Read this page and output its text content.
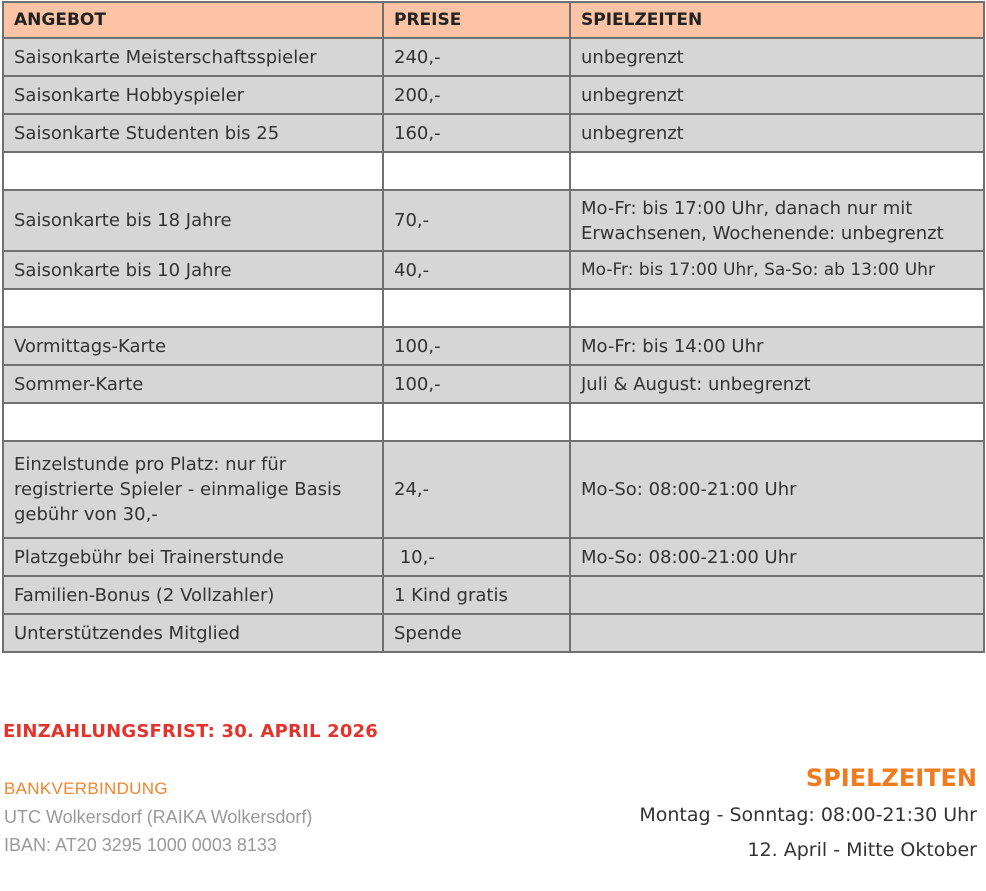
ANGEBOT	PREISE	SPIELZEITEN
Saisonkarte Meisterschaftsspieler	240,-	unbegrenzt
Saisonkarte Hobbyspieler	200,-	unbegrenzt
Saisonkarte Studenten bis 25	160,-	unbegrenzt

Saisonkarte bis 18 Jahre	70,-	Mo-Fr: bis 17:00 Uhr, danach nur mit Erwachsenen, Wochenende: unbegrenzt
Saisonkarte bis 10 Jahre	40,-	Mo-Fr: bis 17:00 Uhr, Sa-So: ab 13:00 Uhr

Vormittags-Karte	100,-	Mo-Fr: bis 14:00 Uhr
Sommer-Karte	100,-	Juli & August: unbegrenzt

Einzelstunde pro Platz: nur für registrierte Spieler - einmalige Basis gebühr von 30,-	24,-	Mo-So: 08:00-21:00 Uhr
Platzgebühr bei Trainerstunde	10,-	Mo-So: 08:00-21:00 Uhr
Familien-Bonus (2 Vollzahler)	1 Kind gratis	
Unterstützendes Mitglied	Spende	

EINZAHLUNGSFRIST: 30. APRIL 2026

BANKVERBINDUNG
UTC Wolkersdorf (RAIKA Wolkersdorf)
IBAN: AT20 3295 1000 0003 8133
SPIELZEITEN
Montag - Sonntag: 08:00-21:30 Uhr
12. April - Mitte Oktober
